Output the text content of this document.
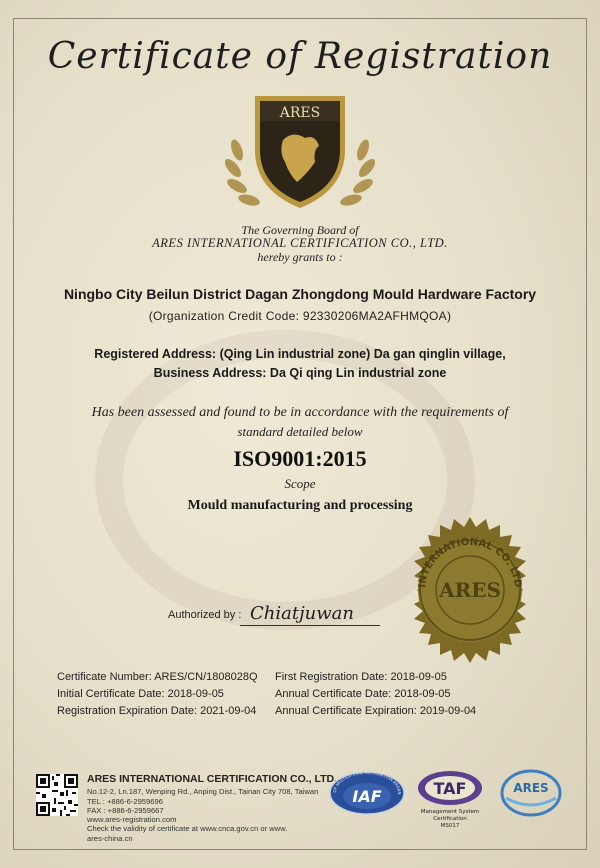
Certificate of Registration
ARES
The Governing Board of
ARES INTERNATIONAL CERTIFICATION CO., LTD.
hereby grants to :
Ningbo City Beilun District Dagan Zhongdong Mould Hardware Factory
(Organization Credit Code: 92330206MA2AFHMQOA)
Registered Address: (Qing Lin industrial zone) Da gan qinglin village,
Business Address: Da Qi qing Lin industrial zone
Has been assessed and found to be in accordance with the requirements of
standard detailed below
ISO9001:2015
Scope
Mould manufacturing and processing
INTERNATIONAL CO. LTD
ARES
Authorized by : Chiatjuwan
Certificate Number: ARES/CN/1808028Q First Registration Date: 2018-09-05
Initial Certificate Date: 2018-09-05	Annual Certificate Date: 2018-09-05
Registration Expiration Date: 2021-09-04 Annual Certificate Expiration: 2019-09-04
ARES INTERNATIONAL CERTIFICATION CO., LTD.
No.12-2, Ln.187, Wenping Rd., Anping Dist., Tainan City 708, Taiwan
TEL : +886-6-2959696
FAX : +886-6-2959667
www.ares-registration.com
Check the validity of certificate at www.cnca.gov.cn or www.
ares-china.cn
OF MULTILATERAL RECOGNITION ARRAN
IAF	TAF
Management System
Certification
MS017
ARES
